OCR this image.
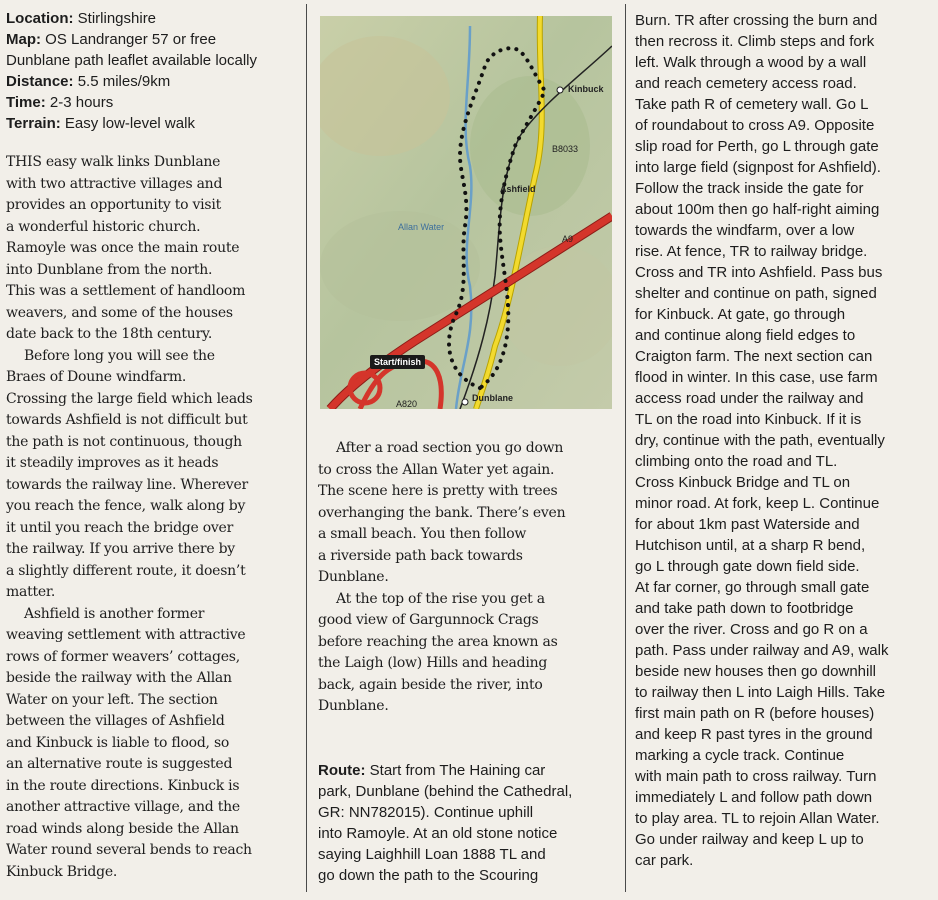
Location: Stirlingshire
Map: OS Landranger 57 or free
Dunblane path leaflet available locally
Distance: 5.5 miles/9km
Time: 2-3 hours
Terrain: Easy low-level walk
THIS easy walk links Dunblane
with two attractive villages and
provides an opportunity to visit
a wonderful historic church.
Ramoyle was once the main route
into Dunblane from the north.
This was a settlement of handloom
weavers, and some of the houses
date back to the 18th century.
Before long you will see the
Braes of Doune windfarm.
Crossing the large field which leads
towards Ashfield is not difficult but
the path is not continuous, though
it steadily improves as it heads
towards the railway line. Wherever
you reach the fence, walk along by
it until you reach the bridge over
the railway. If you arrive there by
a slightly different route, it doesn’t
matter.
Ashfield is another former
weaving settlement with attractive
rows of former weavers’ cottages,
beside the railway with the Allan
Water on your left. The section
between the villages of Ashfield
and Kinbuck is liable to flood, so
an alternative route is suggested
in the route directions. Kinbuck is
another attractive village, and the
road winds along beside the Allan
Water round several bends to reach
Kinbuck Bridge.
Kinbuck
B8033
Ashfield
Allan Water
A9
Start/finish
Dunblane
A820
After a road section you go down
to cross the Allan Water yet again.
The scene here is pretty with trees
overhanging the bank. There’s even
a small beach. You then follow
a riverside path back towards
Dunblane.
At the top of the rise you get a
good view of Gargunnock Crags
before reaching the area known as
the Laigh (low) Hills and heading
back, again beside the river, into
Dunblane.
Route: Start from The Haining car
park, Dunblane (behind the Cathedral,
GR: NN782015). Continue uphill
into Ramoyle. At an old stone notice
saying Laighhill Loan 1888 TL and
go down the path to the Scouring
Burn. TR after crossing the burn and
then recross it. Climb steps and fork
left. Walk through a wood by a wall
and reach cemetery access road.
Take path R of cemetery wall. Go L
of roundabout to cross A9. Opposite
slip road for Perth, go L through gate
into large field (signpost for Ashfield).
Follow the track inside the gate for
about 100m then go half-right aiming
towards the windfarm, over a low
rise. At fence, TR to railway bridge.
Cross and TR into Ashfield. Pass bus
shelter and continue on path, signed
for Kinbuck. At gate, go through
and continue along field edges to
Craigton farm. The next section can
flood in winter. In this case, use farm
access road under the railway and
TL on the road into Kinbuck. If it is
dry, continue with the path, eventually
climbing onto the road and TL.
Cross Kinbuck Bridge and TL on
minor road. At fork, keep L. Continue
for about 1km past Waterside and
Hutchison until, at a sharp R bend,
go L through gate down field side.
At far corner, go through small gate
and take path down to footbridge
over the river. Cross and go R on a
path. Pass under railway and A9, walk
beside new houses then go downhill
to railway then L into Laigh Hills. Take
first main path on R (before houses)
and keep R past tyres in the ground
marking a cycle track. Continue
with main path to cross railway. Turn
immediately L and follow path down
to play area. TL to rejoin Allan Water.
Go under railway and keep L up to
car park.
